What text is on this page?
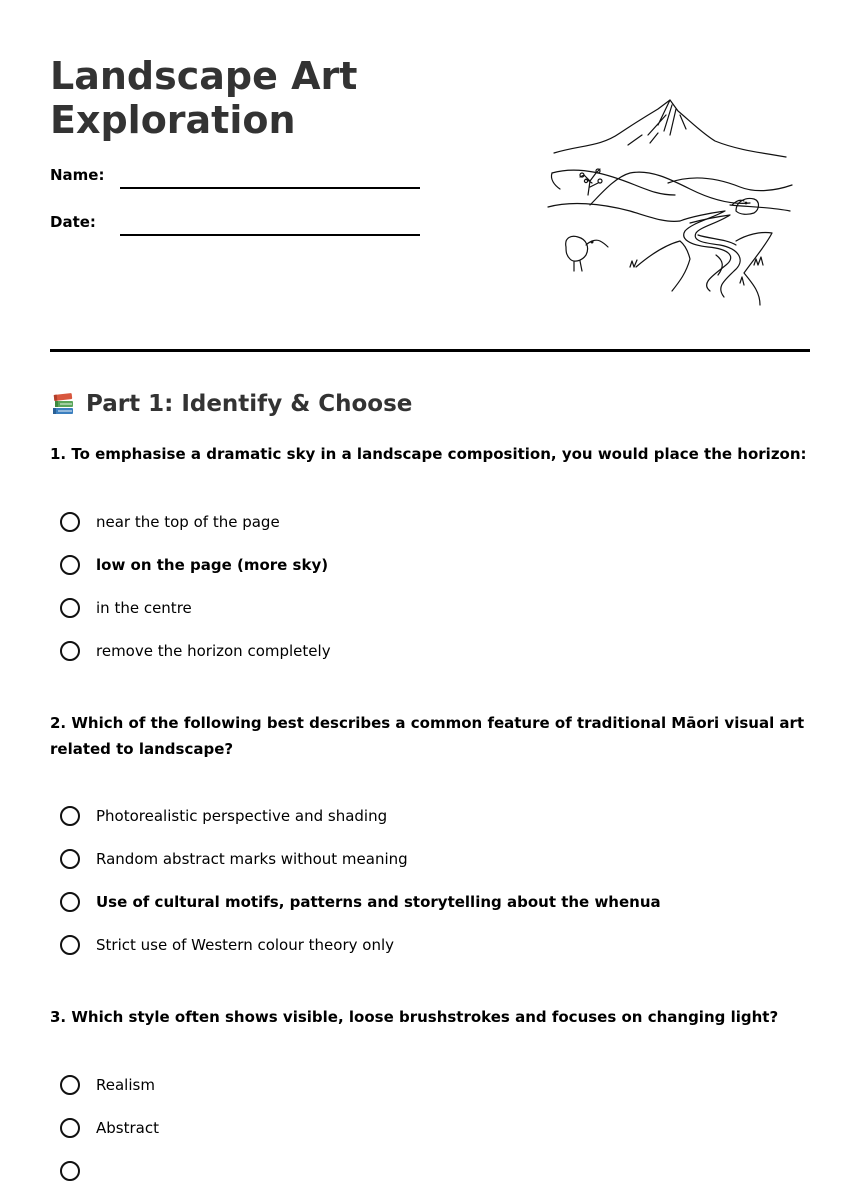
Landscape Art Exploration
Name:
Date:
Part 1: Identify & Choose

1. To emphasise a dramatic sky in a landscape composition, you would place the horizon:

near the top of the page
low on the page (more sky)
in the centre
remove the horizon completely

2. Which of the following best describes a common feature of traditional Māori visual art related to landscape?

Photorealistic perspective and shading
Random abstract marks without meaning
Use of cultural motifs, patterns and storytelling about the whenua
Strict use of Western colour theory only

3. Which style often shows visible, loose brushstrokes and focuses on changing light?

Realism
Abstract
